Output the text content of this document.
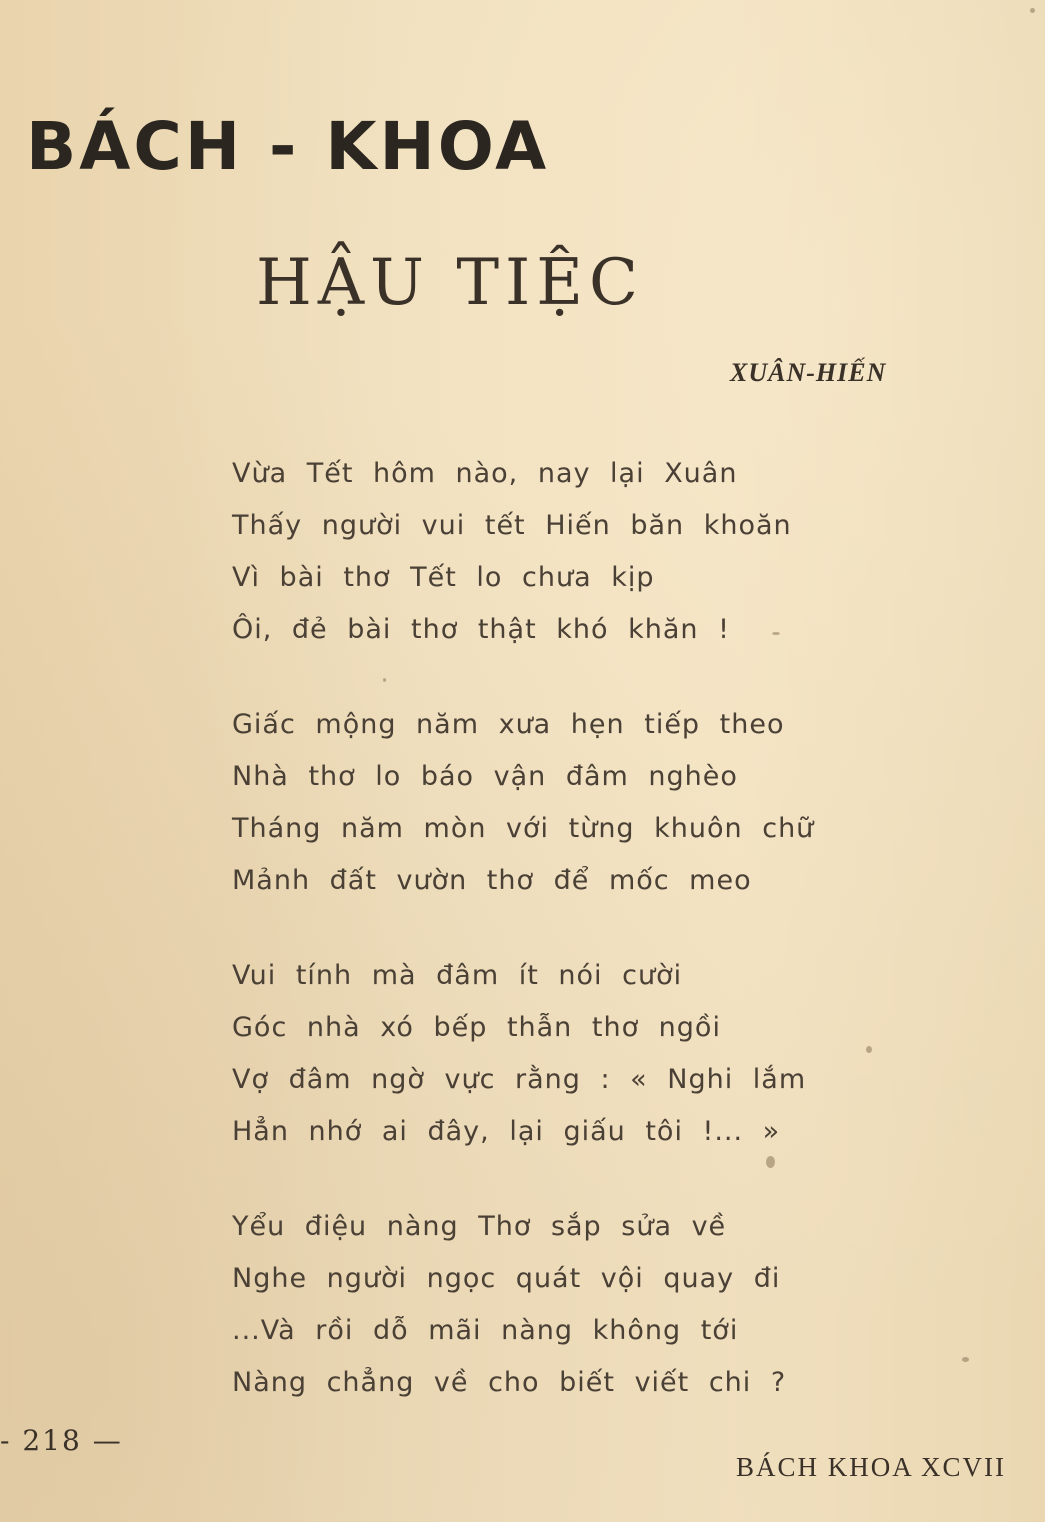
BÁCH - KHOA
HẬU TIỆC
XUÂN-HIẾN
Vừa Tết hôm nào, nay lại Xuân
Thấy người vui tết Hiến băn khoăn
Vì bài thơ Tết lo chưa kịp
Ôi, đẻ bài thơ thật khó khăn !
Giấc mộng năm xưa hẹn tiếp theo
Nhà thơ lo báo vận đâm nghèo
Tháng năm mòn với từng khuôn chữ
Mảnh đất vườn thơ để mốc meo
Vui tính mà đâm ít nói cười
Góc nhà xó bếp thẫn thơ ngồi
Vợ đâm ngờ vực rằng : « Nghi lắm
Hẳn nhớ ai đây, lại giấu tôi !... »
Yểu điệu nàng Thơ sắp sửa về
Nghe người ngọc quát vội quay đi
...Và rồi dỗ mãi nàng không tới
Nàng chẳng về cho biết viết chi ?
- 218 —
BÁCH KHOA XCVII
